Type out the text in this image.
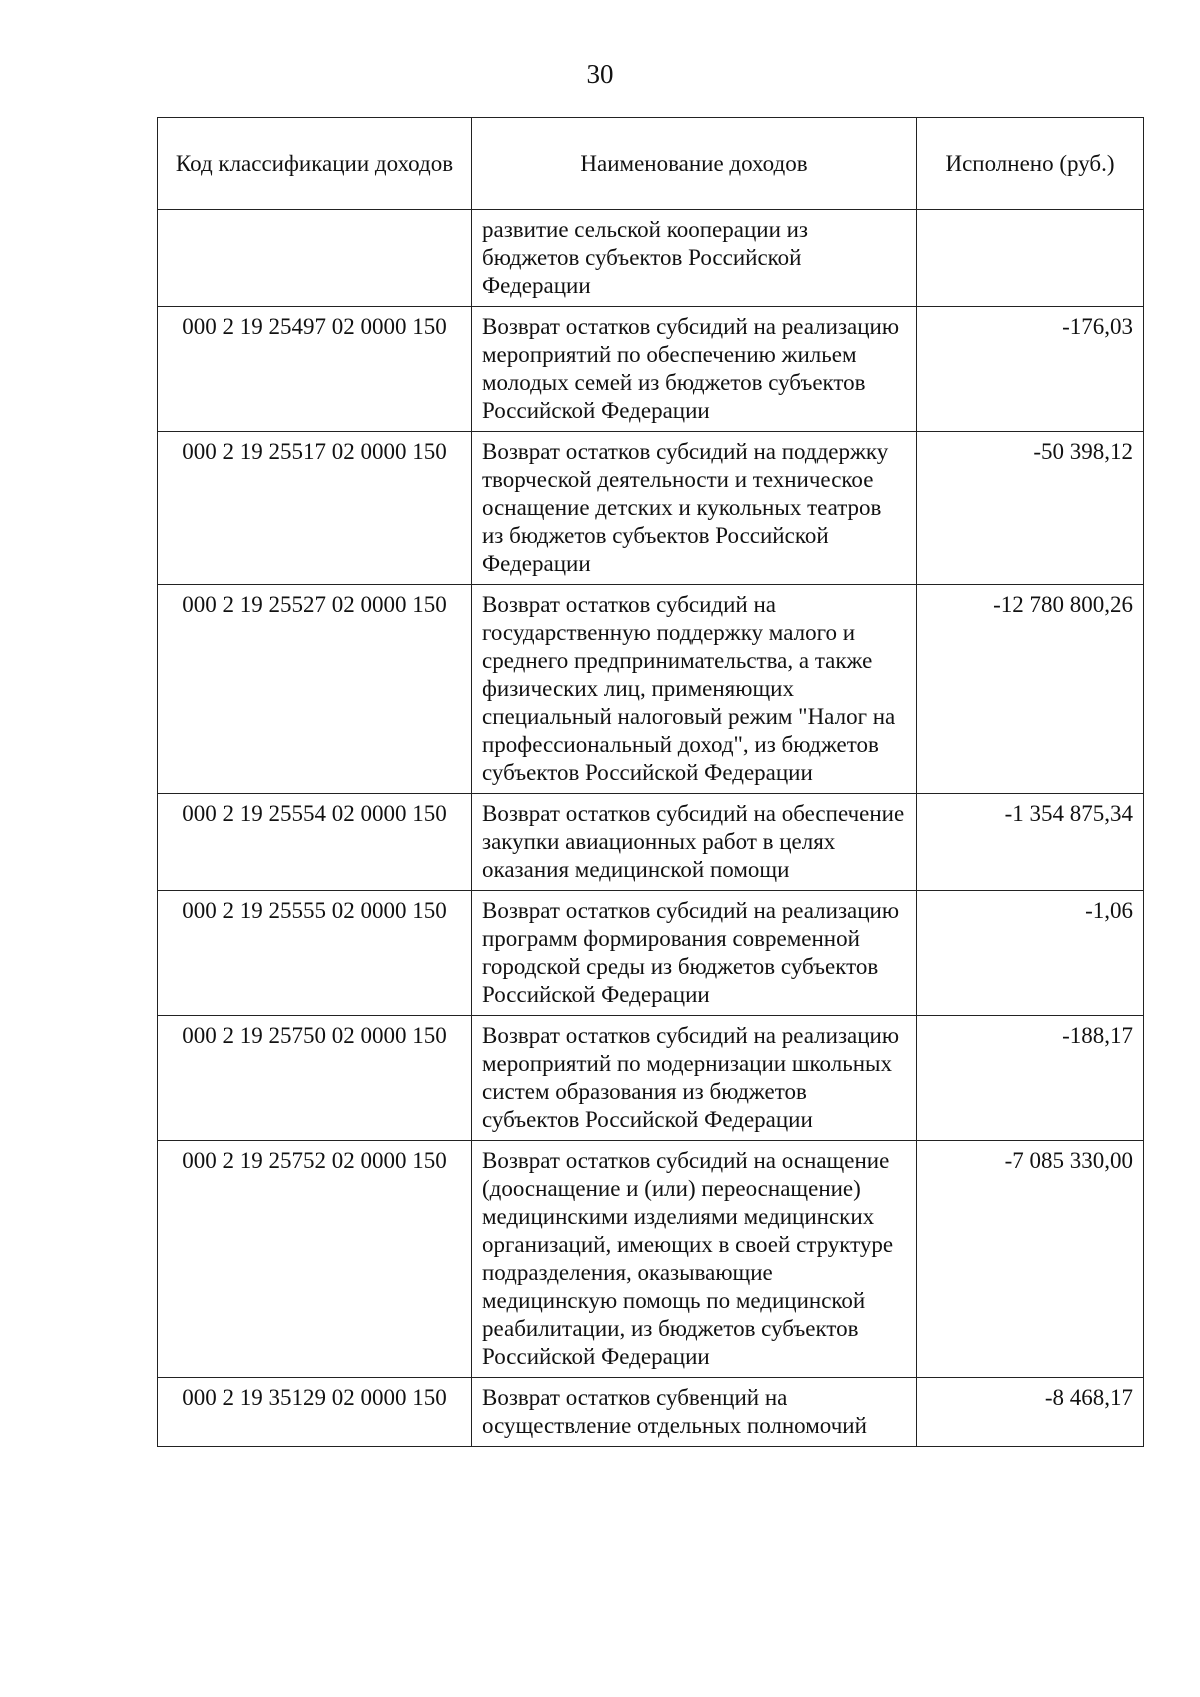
30
Код классификации доходов	Наименование доходов	Исполнено (руб.)

	развитие сельской кооперации из бюджетов субъектов Российской Федерации	
000 2 19 25497 02 0000 150	Возврат остатков субсидий на реализацию мероприятий по обеспечению жильем молодых семей из бюджетов субъектов Российской Федерации	-176,03
000 2 19 25517 02 0000 150	Возврат остатков субсидий на поддержку творческой деятельности и техническое оснащение детских и кукольных театров из бюджетов субъектов Российской Федерации	-50 398,12
000 2 19 25527 02 0000 150	Возврат остатков субсидий на государственную поддержку малого и среднего предпринимательства, а также физических лиц, применяющих специальный налоговый режим "Налог на профессиональный доход", из бюджетов субъектов Российской Федерации	-12 780 800,26
000 2 19 25554 02 0000 150	Возврат остатков субсидий на обеспечение закупки авиационных работ в целях оказания медицинской помощи	-1 354 875,34
000 2 19 25555 02 0000 150	Возврат остатков субсидий на реализацию программ формирования современной городской среды из бюджетов субъектов Российской Федерации	-1,06
000 2 19 25750 02 0000 150	Возврат остатков субсидий на реализацию мероприятий по модернизации школьных систем образования из бюджетов субъектов Российской Федерации	-188,17
000 2 19 25752 02 0000 150	Возврат остатков субсидий на оснащение (дооснащение и (или) переоснащение) медицинскими изделиями медицинских организаций, имеющих в своей структуре подразделения, оказывающие медицинскую помощь по медицинской реабилитации, из бюджетов субъектов Российской Федерации	-7 085 330,00
000 2 19 35129 02 0000 150	Возврат остатков субвенций на осуществление отдельных полномочий	-8 468,17
